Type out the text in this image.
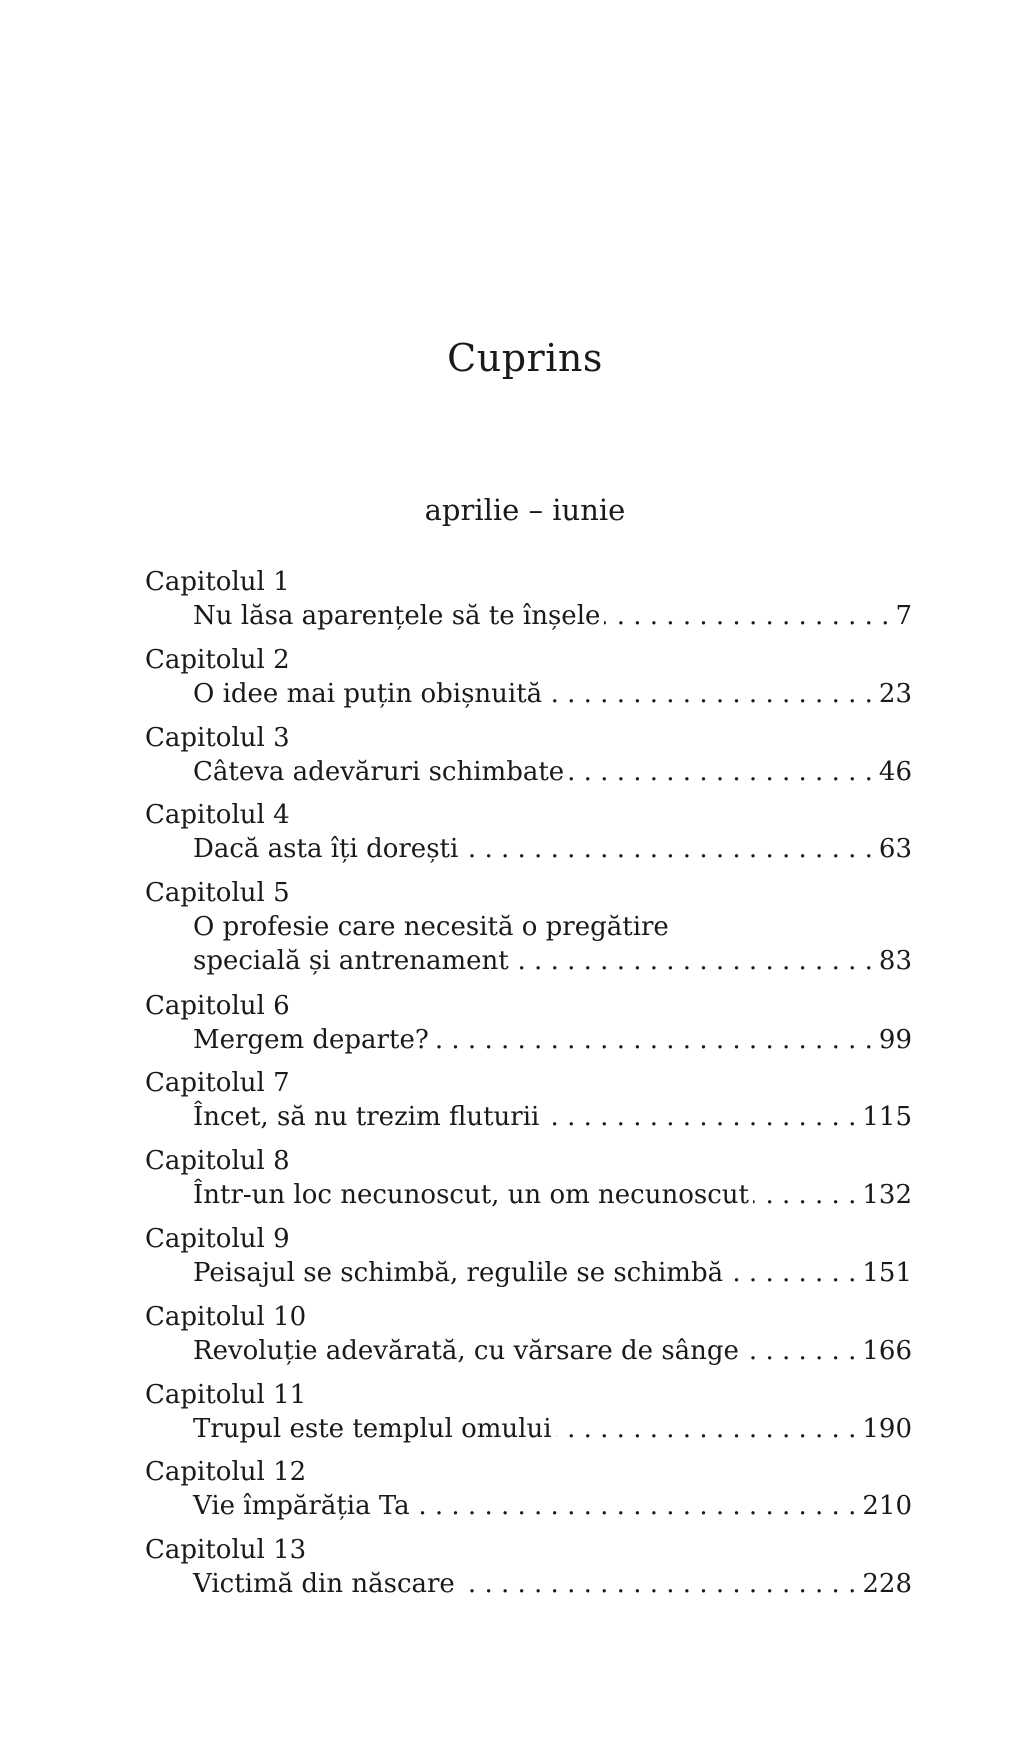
Cuprins
aprilie – iunie
Capitolul 1
Nu lăsa aparențele să te înșele . . .	7
Capitolul 2
O idee mai puțin obișnuită . . .	23
Capitolul 3
Câteva adevăruri schimbate . . .	46
Capitolul 4
Dacă asta îți dorești . . .	63
Capitolul 5
O profesie care necesită o pregătire
specială și antrenament . . .	83
Capitolul 6
Mergem departe? . . .	99
Capitolul 7
Încet, să nu trezim fluturii . . .	115
Capitolul 8
Într-un loc necunoscut, un om necunoscut . . .	132
Capitolul 9
Peisajul se schimbă, regulile se schimbă . . .	151
Capitolul 10
Revoluție adevărată, cu vărsare de sânge . . .	166
Capitolul 11
Trupul este templul omului . . .	190
Capitolul 12
Vie împărăția Ta . . .	210
Capitolul 13
Victimă din născare . . .	228
